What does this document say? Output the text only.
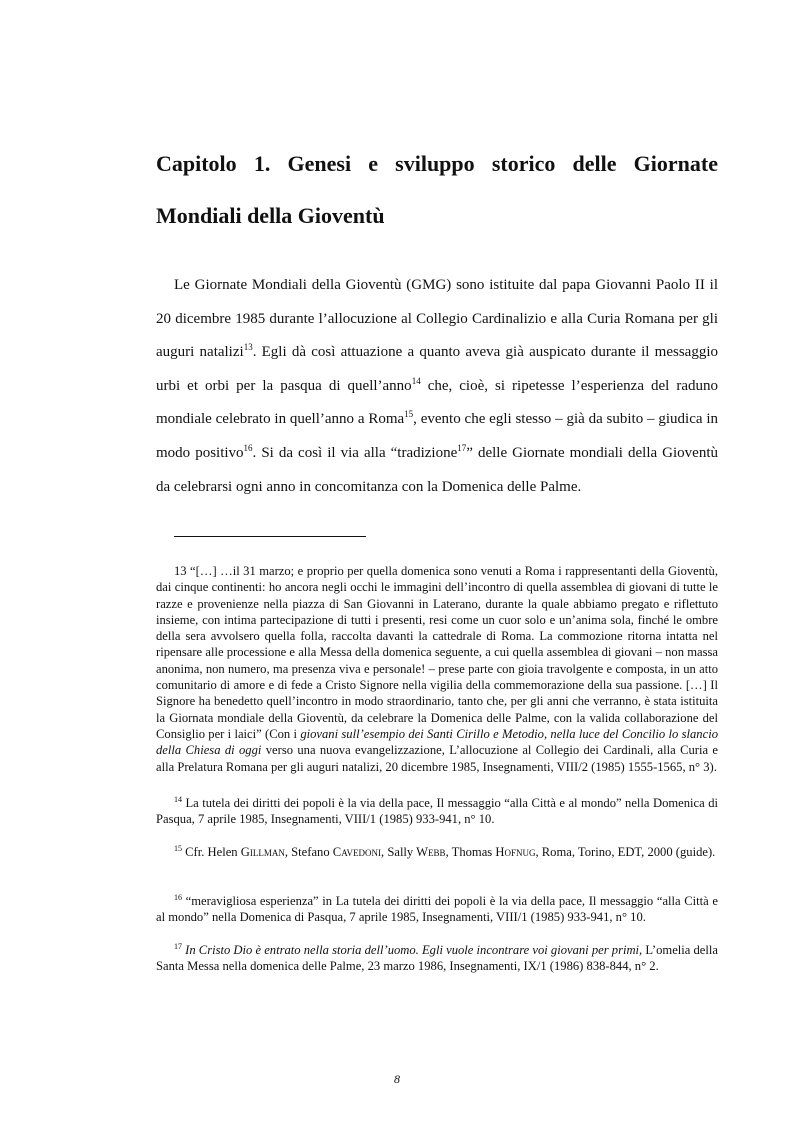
Capitolo 1. Genesi e sviluppo storico delle Giornate
Mondiali della Gioventù

Le Giornate Mondiali della Gioventù (GMG) sono istituite dal papa Giovanni Paolo II il 20 dicembre 1985 durante l’allocuzione al Collegio Cardinalizio e alla Curia Romana per gli auguri natalizi$^{13}$. Egli dà così attuazione a quanto aveva già auspicato durante il messaggio urbi et orbi per la pasqua di quell’anno$^{14}$ che, cioè, si ripetesse l’esperienza del raduno mondiale celebrato in quell’anno a Roma$^{15}$, evento che egli stesso – già da subito – giudica in modo positivo$^{16}$. Si da così il via alla “tradizione$^{17}$” delle Giornate mondiali della Gioventù da celebrarsi ogni anno in concomitanza con la Domenica delle Palme.

13 “[…] …il 31 marzo; e proprio per quella domenica sono venuti a Roma i rappresentanti della Gioventù, dai cinque continenti: ho ancora negli occhi le immagini dell’incontro di quella assemblea di giovani di tutte le razze e provenienze nella piazza di San Giovanni in Laterano, durante la quale abbiamo pregato e riflettuto insieme, con intima partecipazione di tutti i presenti, resi come un cuor solo e un’anima sola, finché le ombre della sera avvolsero quella folla, raccolta davanti la cattedrale di Roma. La commozione ritorna intatta nel ripensare alle processione e alla Messa della domenica seguente, a cui quella assemblea di giovani – non massa anonima, non numero, ma presenza viva e personale! – prese parte con gioia travolgente e composta, in un atto comunitario di amore e di fede a Cristo Signore nella vigilia della commemorazione della sua passione. […] Il Signore ha benedetto quell’incontro in modo straordinario, tanto che, per gli anni che verranno, è stata istituita la Giornata mondiale della Gioventù, da celebrare la Domenica delle Palme, con la valida collaborazione del Consiglio per i laici” (Con i giovani sull’esempio dei Santi Cirillo e Metodio, nella luce del Concilio lo slancio della Chiesa di oggi verso una nuova evangelizzazione, L’allocuzione al Collegio dei Cardinali, alla Curia e alla Prelatura Romana per gli auguri natalizi, 20 dicembre 1985, Insegnamenti, VIII/2 (1985) 1555-1565, n° 3).

$^{14}$ La tutela dei diritti dei popoli è la via della pace, Il messaggio “alla Città e al mondo” nella Domenica di Pasqua, 7 aprile 1985, Insegnamenti, VIII/1 (1985) 933-941, n° 10.

$^{15}$ Cfr. Helen Gillman, Stefano Cavedoni, Sally Webb, Thomas Hofnug, Roma, Torino, EDT, 2000 (guide).

$^{16}$ “meravigliosa esperienza” in La tutela dei diritti dei popoli è la via della pace, Il messaggio “alla Città e al mondo” nella Domenica di Pasqua, 7 aprile 1985, Insegnamenti, VIII/1 (1985) 933-941, n° 10.

$^{17}$ In Cristo Dio è entrato nella storia dell’uomo. Egli vuole incontrare voi giovani per primi, L’omelia della Santa Messa nella domenica delle Palme, 23 marzo 1986, Insegnamenti, IX/1 (1986) 838-844, n° 2.

8
